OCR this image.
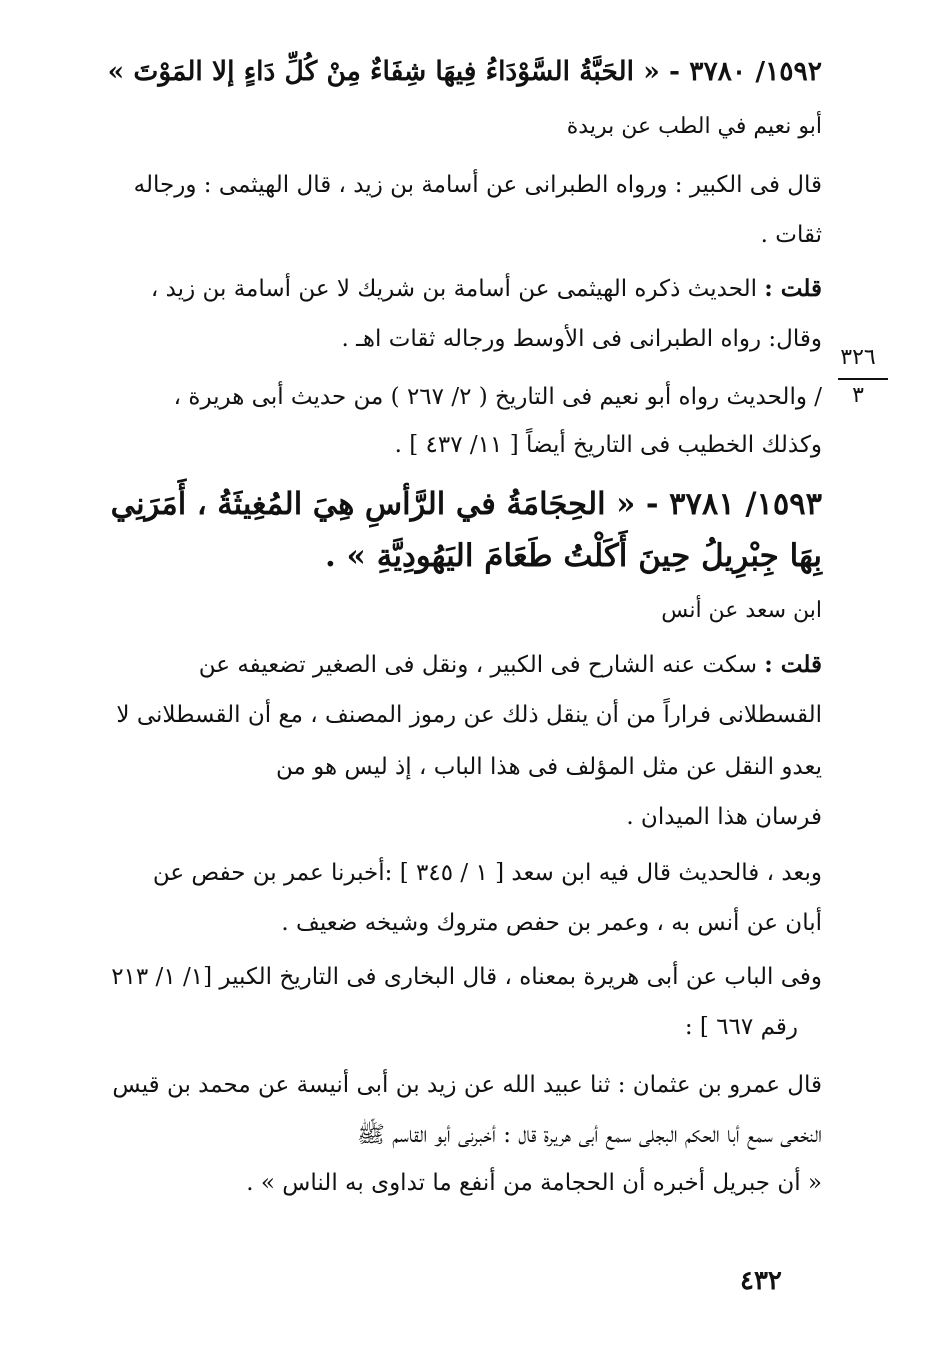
١٥٩٢/ ٣٧٨٠ - « الحَبَّةُ السَّوْدَاءُ فِيهَا شِفَاءٌ مِنْ كُلِّ دَاءٍ إلا المَوْتَ »
أبو نعيم في الطب عن بريدة
قال فى الكبير : ورواه الطبرانى عن أسامة بن زيد ، قال الهيثمى : ورجاله
ثقات .
قلت : الحديث ذكره الهيثمى عن أسامة بن شريك لا عن أسامة بن زيد ،
وقال: رواه الطبرانى فى الأوسط ورجاله ثقات اهـ .
٣٢٦
٣
/ والحديث رواه أبو نعيم فى التاريخ ( ٢/ ٢٦٧ ) من حديث أبى هريرة ،
وكذلك الخطيب فى التاريخ أيضاً [ ١١/ ٤٣٧ ] .
١٥٩٣/ ٣٧٨١ - « الحِجَامَةُ في الرَّأسِ هِيَ المُغِيثَةُ ، أَمَرَنِي
بِهَا جِبْرِيلُ حِينَ أَكَلْتُ طَعَامَ اليَهُودِيَّةِ » .
ابن سعد عن أنس
قلت : سكت عنه الشارح فى الكبير ، ونقل فى الصغير تضعيفه عن
القسطلانى فراراً من أن ينقل ذلك عن رموز المصنف ، مع أن القسطلانى لا
يعدو النقل عن مثل المؤلف فى هذا الباب ، إذ ليس هو من
فرسان هذا الميدان .
وبعد ، فالحديث قال فيه ابن سعد [ ١ / ٣٤٥ ] :أخبرنا عمر بن حفص عن
أبان عن أنس به ، وعمر بن حفص متروك وشيخه ضعيف .
وفى الباب عن أبى هريرة بمعناه ، قال البخارى فى التاريخ الكبير [١/ ١/ ٢١٣
رقم ٦٦٧ ] :
قال عمرو بن عثمان : ثنا عبيد الله عن زيد بن أبى أنيسة عن محمد بن قيس
النخعى سمع أبا الحكم البجلى سمع أبى هريرة قال : أخبرنى أبو القاسم ﷺ
« أن جبريل أخبره أن الحجامة من أنفع ما تداوى به الناس » .
٤٣٢
